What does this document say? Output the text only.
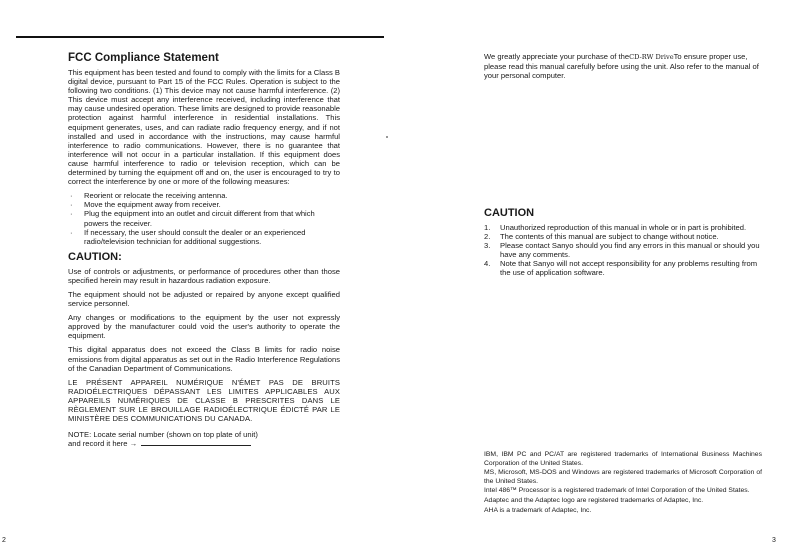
FCC Compliance Statement

This equipment has been tested and found to comply with the limits for a Class B digital device, pursuant to Part 15 of the FCC Rules. Operation is subject to the following two conditions. (1) This device may not cause harmful interference. (2) This device must accept any interference received, including interference that may cause undesired operation. These limits are designed to provide reasonable protection against harmful interference in residential installations. This equipment generates, uses, and can radiate radio frequency energy, and if not installed and used in accordance with the instructions, may cause harmful interference to radio communications. However, there is no guarantee that interference will not occur in a particular installation. If this equipment does cause harmful interference to radio or television reception, which can be determined by turning the equipment off and on, the user is encouraged to try to correct the interference by one or more of the following measures:

· Reorient or relocate the receiving antenna.
· Move the equipment away from receiver.
· Plug the equipment into an outlet and circuit different from that which powers the receiver.
· If necessary, the user should consult the dealer or an experienced radio/television technician for additional suggestions.
CAUTION:

Use of controls or adjustments, or performance of procedures other than those specified herein may result in hazardous radiation exposure.

The equipment should not be adjusted or repaired by anyone except qualified service personnel.

Any changes or modifications to the equipment by the user not expressly approved by the manufacturer could void the user's authority to operate the equipment.

This digital apparatus does not exceed the Class B limits for radio noise emissions from digital apparatus as set out in the Radio Interference Regulations of the Canadian Department of Communications.

LE PRÉSENT APPAREIL NUMÉRIQUE N'ÉMET PAS DE BRUITS RADIOÉLECTRIQUES DÉPASSANT LES LIMITES APPLICABLES AUX APPAREILS NUMÉRIQUES DE CLASSE B PRESCRITES DANS LE RÈGLEMENT SUR LE BROUILLAGE RADIOÉLECTRIQUE ÉDICTÉ PAR LE MINISTÈRE DES COMMUNICATIONS DU CANADA.

NOTE: Locate serial number (shown on top plate of unit)
and record it here →
We greatly appreciate your purchase of theCD-RW DriveTo ensure proper use, please read this manual carefully before using the unit. Also refer to the manual of your personal computer.
CAUTION
1. Unauthorized reproduction of this manual in whole or in part is prohibited.
2. The contents of this manual are subject to change without notice.
3. Please contact Sanyo should you find any errors in this manual or should you have any comments.
4. Note that Sanyo will not accept responsibility for any problems resulting from the use of application software.

IBM, IBM PC and PC/AT are registered trademarks of International Business Machines Corporation of the United States.

MS, Microsoft, MS-DOS and Windows are registered trademarks of Microsoft Corporation of the United States.

Intel 486™ Processor is a registered trademark of Intel Corporation of the United States.

Adaptec and the Adaptec logo are registered trademarks of Adaptec, Inc.

AHA is a trademark of Adaptec, Inc.

2	3
